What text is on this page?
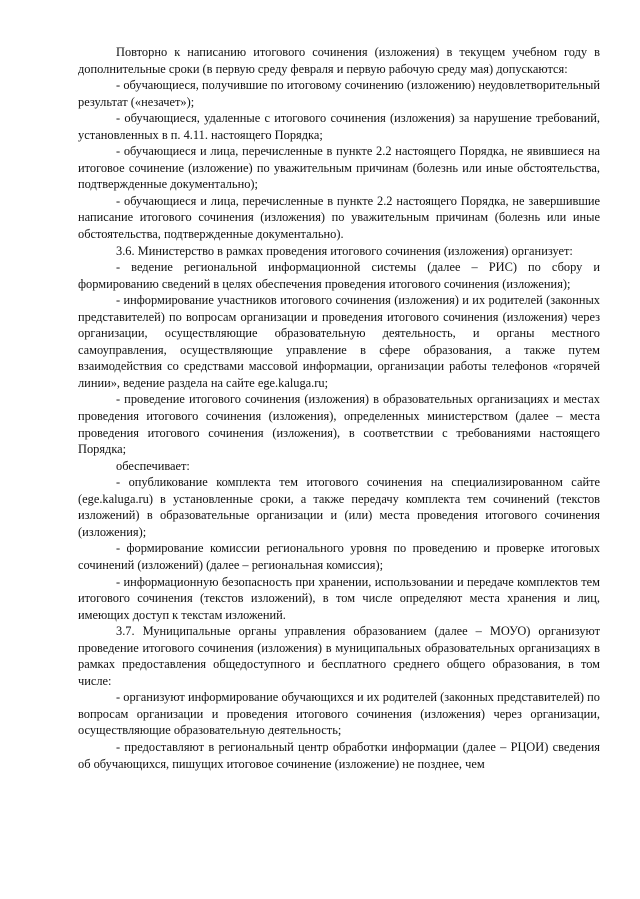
Повторно к написанию итогового сочинения (изложения) в текущем учебном году в дополнительные сроки (в первую среду февраля и первую рабочую среду мая) допускаются:

- обучающиеся, получившие по итоговому сочинению (изложению) неудовлетворительный результат («незачет»);

- обучающиеся, удаленные с итогового сочинения (изложения) за нарушение требований, установленных в п. 4.11. настоящего Порядка;

- обучающиеся и лица, перечисленные в пункте 2.2 настоящего Порядка, не явившиеся на итоговое сочинение (изложение) по уважительным причинам (болезнь или иные обстоятельства, подтвержденные документально);

- обучающиеся и лица, перечисленные в пункте 2.2 настоящего Порядка, не завершившие написание итогового сочинения (изложения) по уважительным причинам (болезнь или иные обстоятельства, подтвержденные документально).

3.6. Министерство в рамках проведения итогового сочинения (изложения) организует:

- ведение региональной информационной системы (далее – РИС) по сбору и формированию сведений в целях обеспечения проведения итогового сочинения (изложения);

- информирование участников итогового сочинения (изложения) и их родителей (законных представителей) по вопросам организации и проведения итогового сочинения (изложения) через организации, осуществляющие образовательную деятельность, и органы местного самоуправления, осуществляющие управление в сфере образования, а также путем взаимодействия со средствами массовой информации, организации работы телефонов «горячей линии», ведение раздела на сайте ege.kaluga.ru;

- проведение итогового сочинения (изложения) в образовательных организациях и местах проведения итогового сочинения (изложения), определенных министерством (далее – места проведения итогового сочинения (изложения), в соответствии с требованиями настоящего Порядка;

обеспечивает:

- опубликование комплекта тем итогового сочинения на специализированном сайте (ege.kaluga.ru) в установленные сроки, а также передачу комплекта тем сочинений (текстов изложений) в образовательные организации и (или) места проведения итогового сочинения (изложения);

- формирование комиссии регионального уровня по проведению и проверке итоговых сочинений (изложений) (далее – региональная комиссия);

- информационную безопасность при хранении, использовании и передаче комплектов тем итогового сочинения (текстов изложений), в том числе определяют места хранения и лиц, имеющих доступ к текстам изложений.

3.7. Муниципальные органы управления образованием (далее – МОУО) организуют проведение итогового сочинения (изложения) в муниципальных образовательных организациях в рамках предоставления общедоступного и бесплатного среднего общего образования, в том числе:

- организуют информирование обучающихся и их родителей (законных представителей) по вопросам организации и проведения итогового сочинения (изложения) через организации, осуществляющие образовательную деятельность;

- предоставляют в региональный центр обработки информации (далее – РЦОИ) сведения об обучающихся, пишущих итоговое сочинение (изложение) не позднее, чем
